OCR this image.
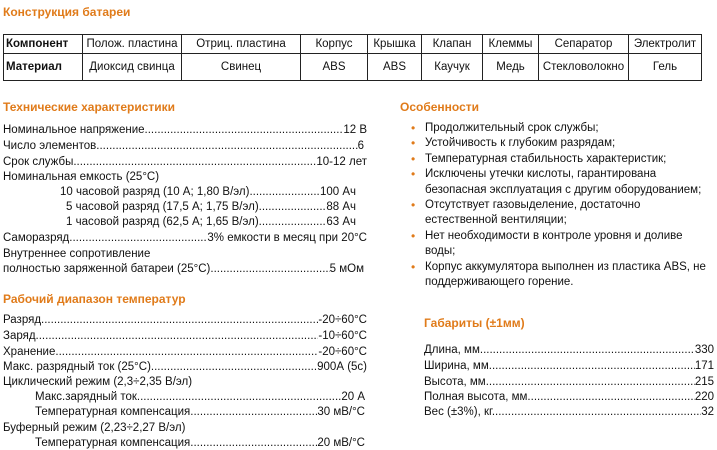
Конструкция батареи
Технические характеристики	Особенности
Рабочий диапазон температур
Габариты (±1мм)
Компонент	Полож. пластина	Отриц. пластина	Корпус	Крышка	Клапан	Клеммы	Сепаратор	Электролит
Материал	Диоксид свинца	Свинец	ABS	ABS	Каучук	Медь	Стекловолокно	Гель
Номинальное напряжение .....	12 В
Число элементов .....	6
Срок службы .....	10-12 лет
Номинальная емкость (25°C)
10 часовой разряд (10 А; 1,80 В/эл) .....	100 Ач
5 часовой разряд (17,5 А; 1,75 В/эл) .....	88 Ач
1 часовой разряд (62,5 А; 1,65 В/эл) .....	63 Ач
Саморазряд .....	3% емкости в месяц при 20°C
Внутреннее сопротивление
полностью заряженной батареи (25°C) .....	5 мОм
• Продолжительный срок службы;
• Устойчивость к глубоким разрядам;
• Температурная стабильность характеристик;
• Исключены утечки кислоты, гарантирована безопасная эксплуатация с другим оборудованием;
• Отсутствует газовыделение, достаточно естественной вентиляции;
• Нет необходимости в контроле уровня и доливе воды;
• Корпус аккумулятора выполнен из пластика ABS, не поддерживающего горение.
Разряд .....	-20÷60°C
Заряд .....	-10÷60°C
Хранение .....	-20÷60°C
Макс. разрядный ток (25°C) .....	900А (5с)
Циклический режим (2,3÷2,35 В/эл)
Макс.зарядный ток .....	20 А
Температурная компенсация .....	30 мВ/°C
Буферный режим (2,23÷2,27 В/эл)
Температурная компенсация .....	20 мВ/°C
Длина, мм. .....	330
Ширина, мм. .....	171
Высота, мм. .....	215
Полная высота, мм. .....	220
Вес (±3%), кг. .....	32
